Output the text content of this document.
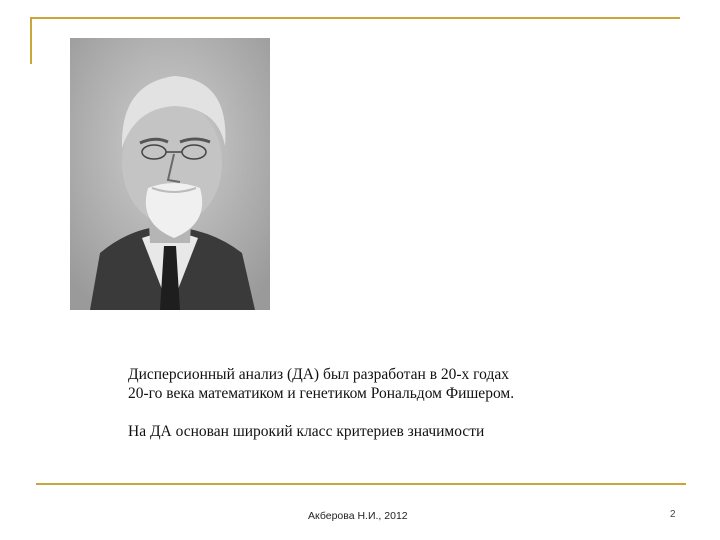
Дисперсионный анализ (ДА) был разработан в 20-х годах

20-го века математиком и генетиком Рональдом Фишером.

На ДА основан широкий класс критериев значимости

Акберова Н.И., 2012	2
